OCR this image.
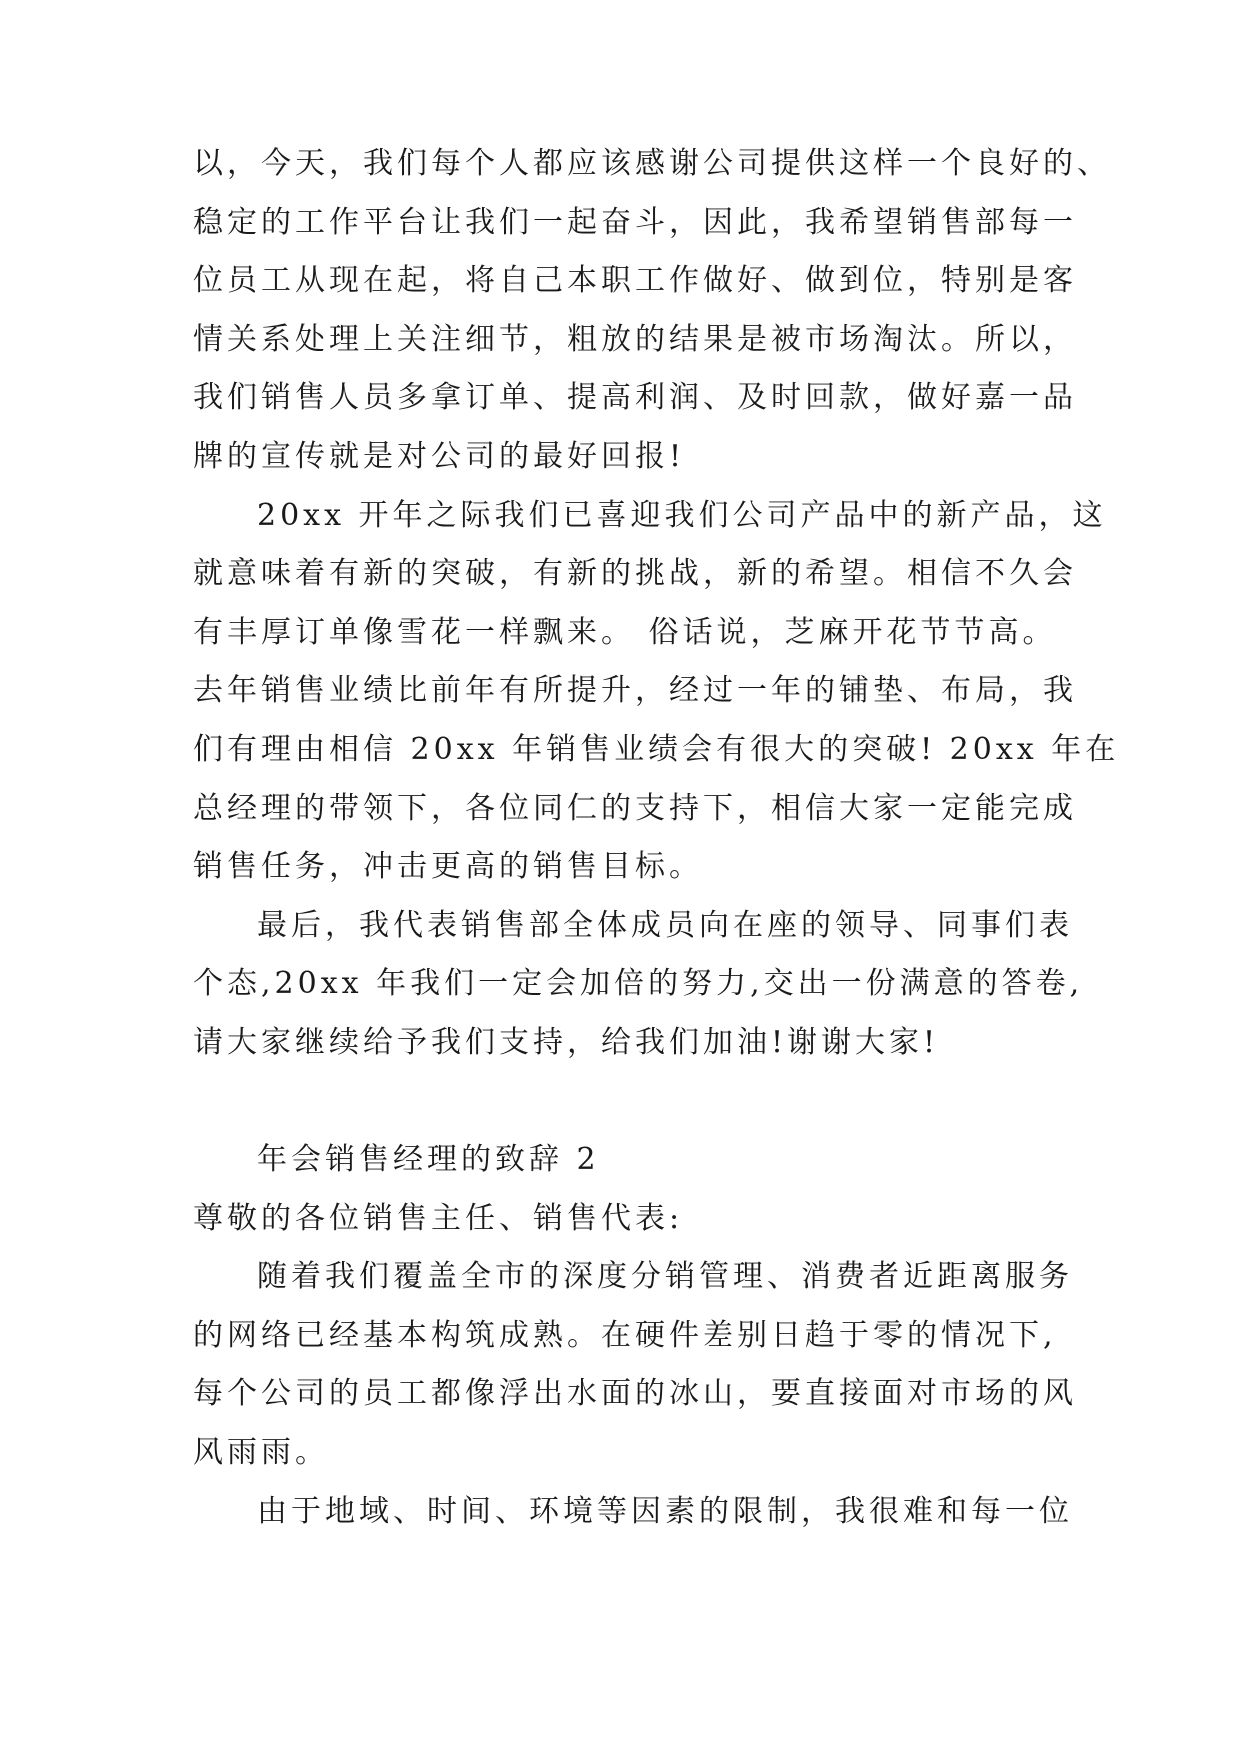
以，今天，我们每个人都应该感谢公司提供这样一个良好的、
稳定的工作平台让我们一起奋斗，因此，我希望销售部每一
位员工从现在起，将自己本职工作做好、做到位，特别是客
情关系处理上关注细节，粗放的结果是被市场淘汰。所以，
我们销售人员多拿订单、提高利润、及时回款，做好嘉一品
牌的宣传就是对公司的最好回报!
20xx 开年之际我们已喜迎我们公司产品中的新产品，这
就意味着有新的突破，有新的挑战，新的希望。相信不久会
有丰厚订单像雪花一样飘来。 俗话说，芝麻开花节节高。
去年销售业绩比前年有所提升，经过一年的铺垫、布局，我
们有理由相信 20xx 年销售业绩会有很大的突破! 20xx 年在
总经理的带领下，各位同仁的支持下，相信大家一定能完成
销售任务，冲击更高的销售目标。
最后，我代表销售部全体成员向在座的领导、同事们表
个态,20xx 年我们一定会加倍的努力,交出一份满意的答卷,
请大家继续给予我们支持，给我们加油!谢谢大家!
年会销售经理的致辞 2
尊敬的各位销售主任、销售代表:
随着我们覆盖全市的深度分销管理、消费者近距离服务
的网络已经基本构筑成熟。在硬件差别日趋于零的情况下,
每个公司的员工都像浮出水面的冰山，要直接面对市场的风
风雨雨。
由于地域、时间、环境等因素的限制，我很难和每一位
